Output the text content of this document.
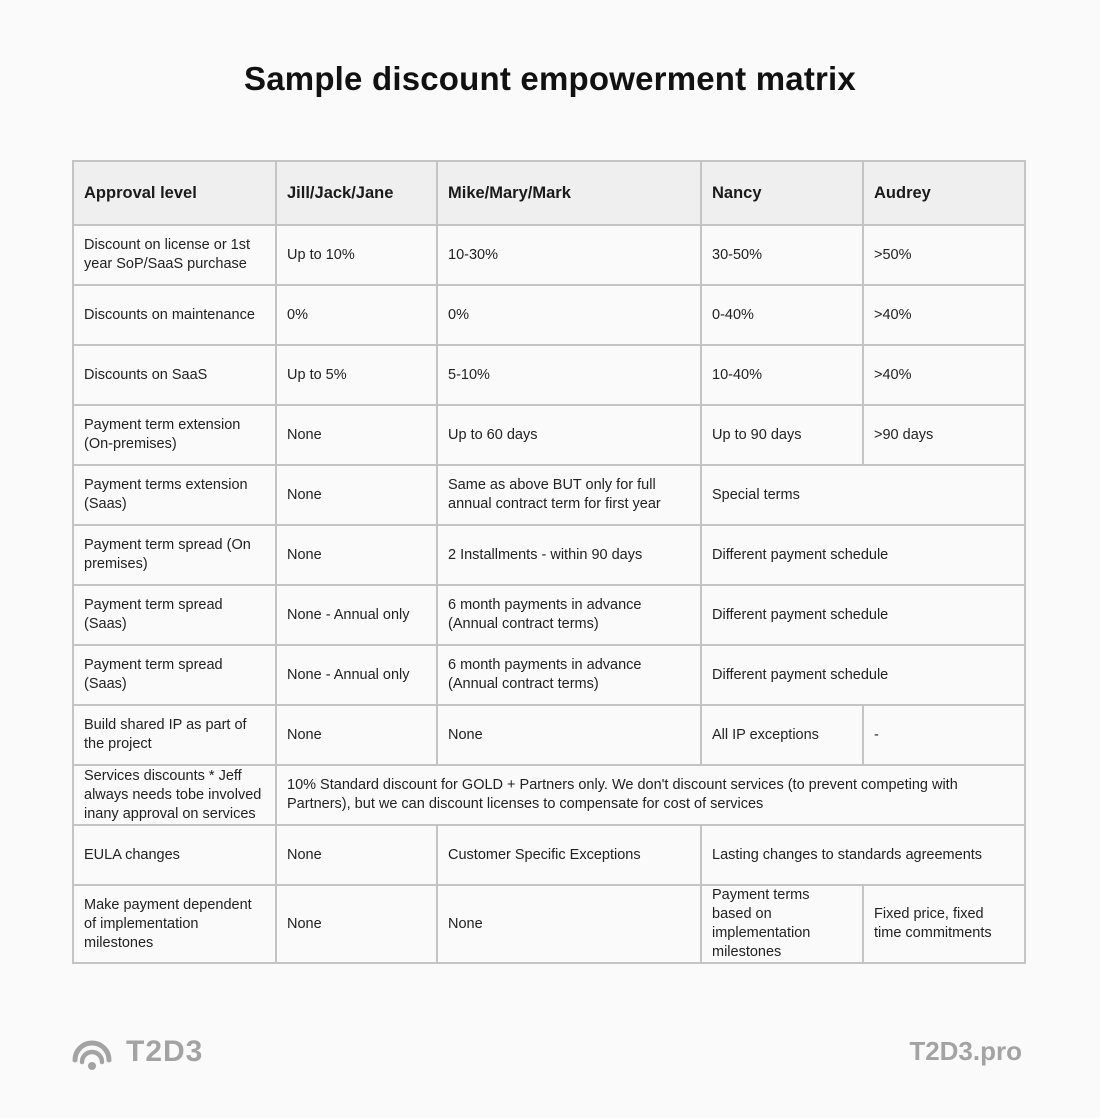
Sample discount empowerment matrix
Approval level	Jill/Jack/Jane	Mike/Mary/Mark	Nancy	Audrey
Discount on license or 1st year SoP/SaaS purchase	Up to 10%	10-30%	30-50%	>50%
Discounts on maintenance	0%	0%	0-40%	>40%
Discounts on SaaS	Up to 5%	5-10%	10-40%	>40%
Payment term extension (On-premises)	None	Up to 60 days	Up to 90 days	>90 days
Payment terms extension (Saas)	None	Same as above BUT only for full annual contract term for first year	Special terms	
Payment term spread (On premises)	None	2 Installments - within 90 days	Different payment schedule	
Payment term spread (Saas)	None - Annual only	6 month payments in advance (Annual contract terms)	Different payment schedule	
Payment term spread (Saas)	None - Annual only	6 month payments in advance (Annual contract terms)	Different payment schedule	
Build shared IP as part of the project	None	None	All IP exceptions	-
Services discounts * Jeff always needs tobe involved inany approval on services	10% Standard discount for GOLD + Partners only. We don't discount services (to prevent competing with Partners), but we can discount licenses to compensate for cost of services			
EULA changes	None	Customer Specific Exceptions	Lasting changes to standards agreements	
Make payment dependent of implementation milestones	None	None	Payment terms based on implementation milestones	Fixed price, fixed time commitments
T2D3	T2D3.pro
